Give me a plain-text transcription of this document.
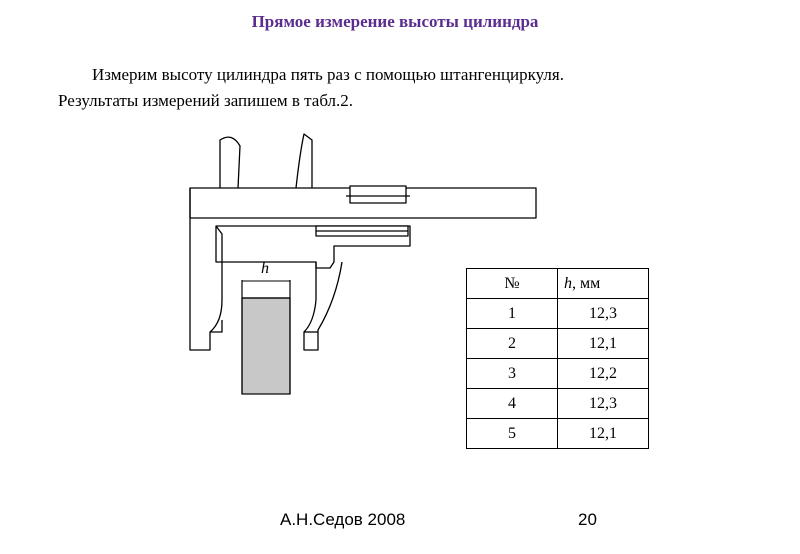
Прямое измерение высоты цилиндра
Измерим высоту цилиндра пять раз с помощью штангенциркуля.
Результаты измерений запишем в табл.2.
h
№	h, мм
1	12,3
2	12,1
3	12,2
4	12,3
5	12,1
А.Н.Седов 2008	20
